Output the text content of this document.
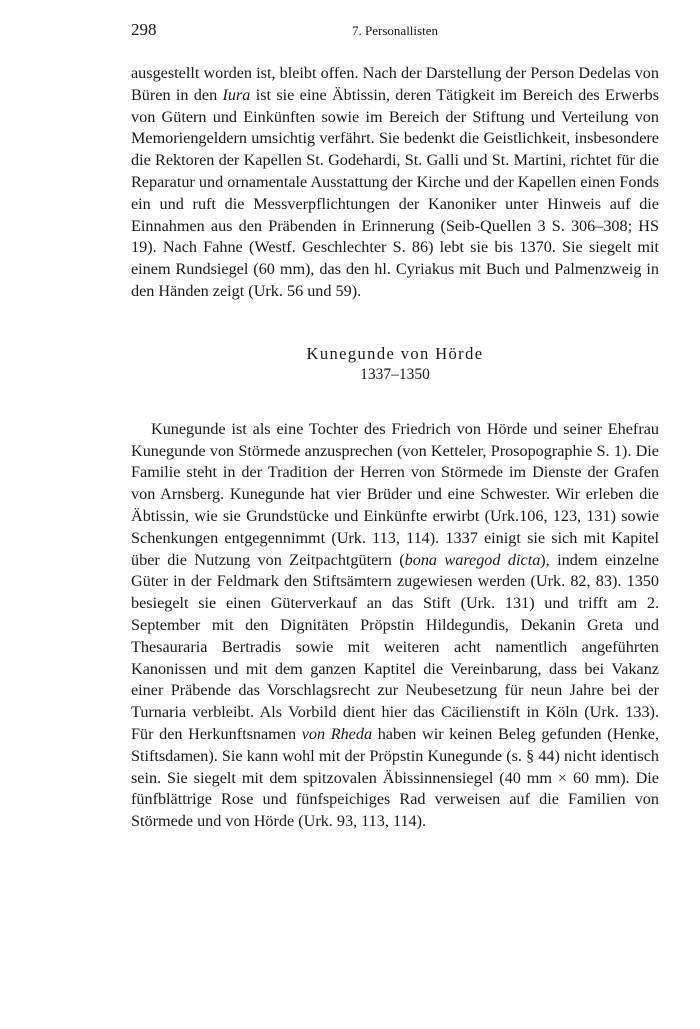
298	7. Personallisten

ausgestellt worden ist, bleibt offen. Nach der Darstellung der Person Dedelas von Büren in den Iura ist sie eine Äbtissin, deren Tätigkeit im Bereich des Erwerbs von Gütern und Einkünften sowie im Bereich der Stiftung und Verteilung von Memoriengeldern umsichtig verfährt. Sie bedenkt die Geistlichkeit, insbesondere die Rektoren der Kapellen St. Godehardi, St. Galli und St. Martini, richtet für die Reparatur und ornamentale Ausstattung der Kirche und der Kapellen einen Fonds ein und ruft die Messverpflichtungen der Kanoniker unter Hinweis auf die Einnahmen aus den Präbenden in Erinnerung (Seib-Quellen 3 S. 306–308; HS 19). Nach Fahne (Westf. Geschlechter S. 86) lebt sie bis 1370. Sie siegelt mit einem Rundsiegel (60 mm), das den hl. Cyriakus mit Buch und Palmenzweig in den Händen zeigt (Urk. 56 und 59).

Kunegunde von Hörde
1337–1350

Kunegunde ist als eine Tochter des Friedrich von Hörde und seiner Ehefrau Kunegunde von Störmede anzusprechen (von Ketteler, Prosopographie S. 1). Die Familie steht in der Tradition der Herren von Störmede im Dienste der Grafen von Arnsberg. Kunegunde hat vier Brüder und eine Schwester. Wir erleben die Äbtissin, wie sie Grundstücke und Einkünfte erwirbt (Urk.106, 123, 131) sowie Schenkungen entgegennimmt (Urk. 113, 114). 1337 einigt sie sich mit Kapitel über die Nutzung von Zeitpachtgütern (bona waregod dicta), indem einzelne Güter in der Feldmark den Stiftsämtern zugewiesen werden (Urk. 82, 83). 1350 besiegelt sie einen Güterverkauf an das Stift (Urk. 131) und trifft am 2. September mit den Dignitäten Pröpstin Hildegundis, Dekanin Greta und Thesauraria Bertradis sowie mit weiteren acht namentlich angeführten Kanonissen und mit dem ganzen Kaptitel die Vereinbarung, dass bei Vakanz einer Präbende das Vorschlagsrecht zur Neubesetzung für neun Jahre bei der Turnaria verbleibt. Als Vorbild dient hier das Cäcilienstift in Köln (Urk. 133). Für den Herkunftsnamen von Rheda haben wir keinen Beleg gefunden (Henke, Stiftsdamen). Sie kann wohl mit der Pröpstin Kunegunde (s. § 44) nicht identisch sein. Sie siegelt mit dem spitzovalen Äbissinnensiegel (40 mm × 60 mm). Die fünfblättrige Rose und fünfspeichiges Rad verweisen auf die Familien von Störmede und von Hörde (Urk. 93, 113, 114).
